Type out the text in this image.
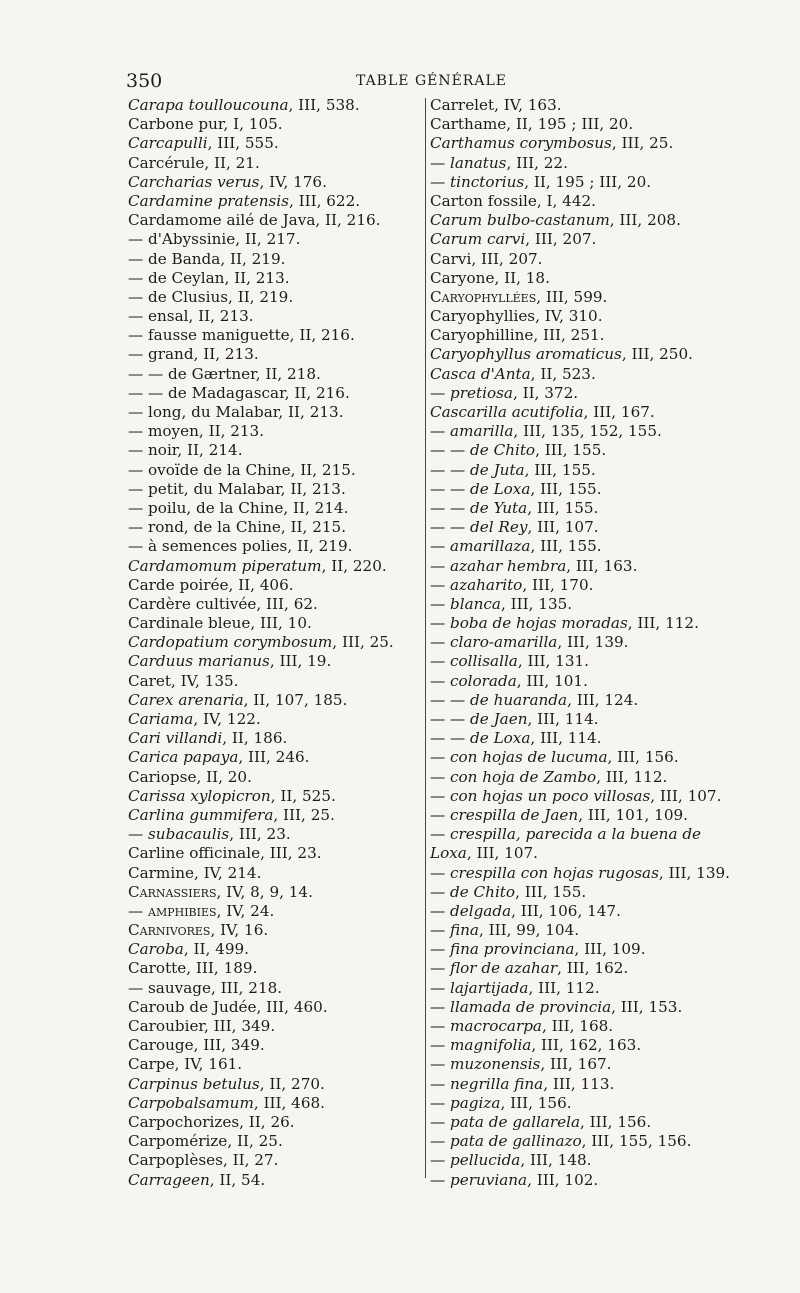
350	TABLE GÉNÉRALE
Carapa toulloucouna, III, 538.
Carbone pur, I, 105.
Carcapulli, III, 555.
Carcérule, II, 21.
Carcharias verus, IV, 176.
Cardamine pratensis, III, 622.
Cardamome ailé de Java, II, 216.
— d'Abyssinie, II, 217.
— de Banda, II, 219.
— de Ceylan, II, 213.
— de Clusius, II, 219.
— ensal, II, 213.
— fausse maniguette, II, 216.
— grand, II, 213.
— — de Gærtner, II, 218.
— — de Madagascar, II, 216.
— long, du Malabar, II, 213.
— moyen, II, 213.
— noir, II, 214.
— ovoïde de la Chine, II, 215.
— petit, du Malabar, II, 213.
— poilu, de la Chine, II, 214.
— rond, de la Chine, II, 215.
— à semences polies, II, 219.
Cardamomum piperatum, II, 220.
Carde poirée, II, 406.
Cardère cultivée, III, 62.
Cardinale bleue, III, 10.
Cardopatium corymbosum, III, 25.
Carduus marianus, III, 19.
Caret, IV, 135.
Carex arenaria, II, 107, 185.
Cariama, IV, 122.
Cari villandi, II, 186.
Carica papaya, III, 246.
Cariopse, II, 20.
Carissa xylopicron, II, 525.
Carlina gummifera, III, 25.
— subacaulis, III, 23.
Carline officinale, III, 23.
Carmine, IV, 214.
Carnassiers, IV, 8, 9, 14.
— amphibies, IV, 24.
Carnivores, IV, 16.
Caroba, II, 499.
Carotte, III, 189.
— sauvage, III, 218.
Caroub de Judée, III, 460.
Caroubier, III, 349.
Carouge, III, 349.
Carpe, IV, 161.
Carpinus betulus, II, 270.
Carpobalsamum, III, 468.
Carpochorizes, II, 26.
Carpomérize, II, 25.
Carpoplèses, II, 27.
Carrageen, II, 54.
Carrelet, IV, 163.
Carthame, II, 195 ; III, 20.
Carthamus corymbosus, III, 25.
— lanatus, III, 22.
— tinctorius, II, 195 ; III, 20.
Carton fossile, I, 442.
Carum bulbo-castanum, III, 208.
Carum carvi, III, 207.
Carvi, III, 207.
Caryone, II, 18.
Caryophyllées, III, 599.
Caryophyllies, IV, 310.
Caryophilline, III, 251.
Caryophyllus aromaticus, III, 250.
Casca d'Anta, II, 523.
— pretiosa, II, 372.
Cascarilla acutifolia, III, 167.
— amarilla, III, 135, 152, 155.
— — de Chito, III, 155.
— — de Juta, III, 155.
— — de Loxa, III, 155.
— — de Yuta, III, 155.
— — del Rey, III, 107.
— amarillaza, III, 155.
— azahar hembra, III, 163.
— azaharito, III, 170.
— blanca, III, 135.
— boba de hojas moradas, III, 112.
— claro-amarilla, III, 139.
— collisalla, III, 131.
— colorada, III, 101.
— — de huaranda, III, 124.
— — de Jaen, III, 114.
— — de Loxa, III, 114.
— con hojas de lucuma, III, 156.
— con hoja de Zambo, III, 112.
— con hojas un poco villosas, III, 107.
— crespilla de Jaen, III, 101, 109.
— crespilla, parecida a la buena de Loxa, III, 107.
— crespilla con hojas rugosas, III, 139.
— de Chito, III, 155.
— delgada, III, 106, 147.
— fina, III, 99, 104.
— fina provinciana, III, 109.
— flor de azahar, III, 162.
— lajartijada, III, 112.
— llamada de provincia, III, 153.
— macrocarpa, III, 168.
— magnifolia, III, 162, 163.
— muzonensis, III, 167.
— negrilla fina, III, 113.
— pagiza, III, 156.
— pata de gallarela, III, 156.
— pata de gallinazo, III, 155, 156.
— pellucida, III, 148.
— peruviana, III, 102.
